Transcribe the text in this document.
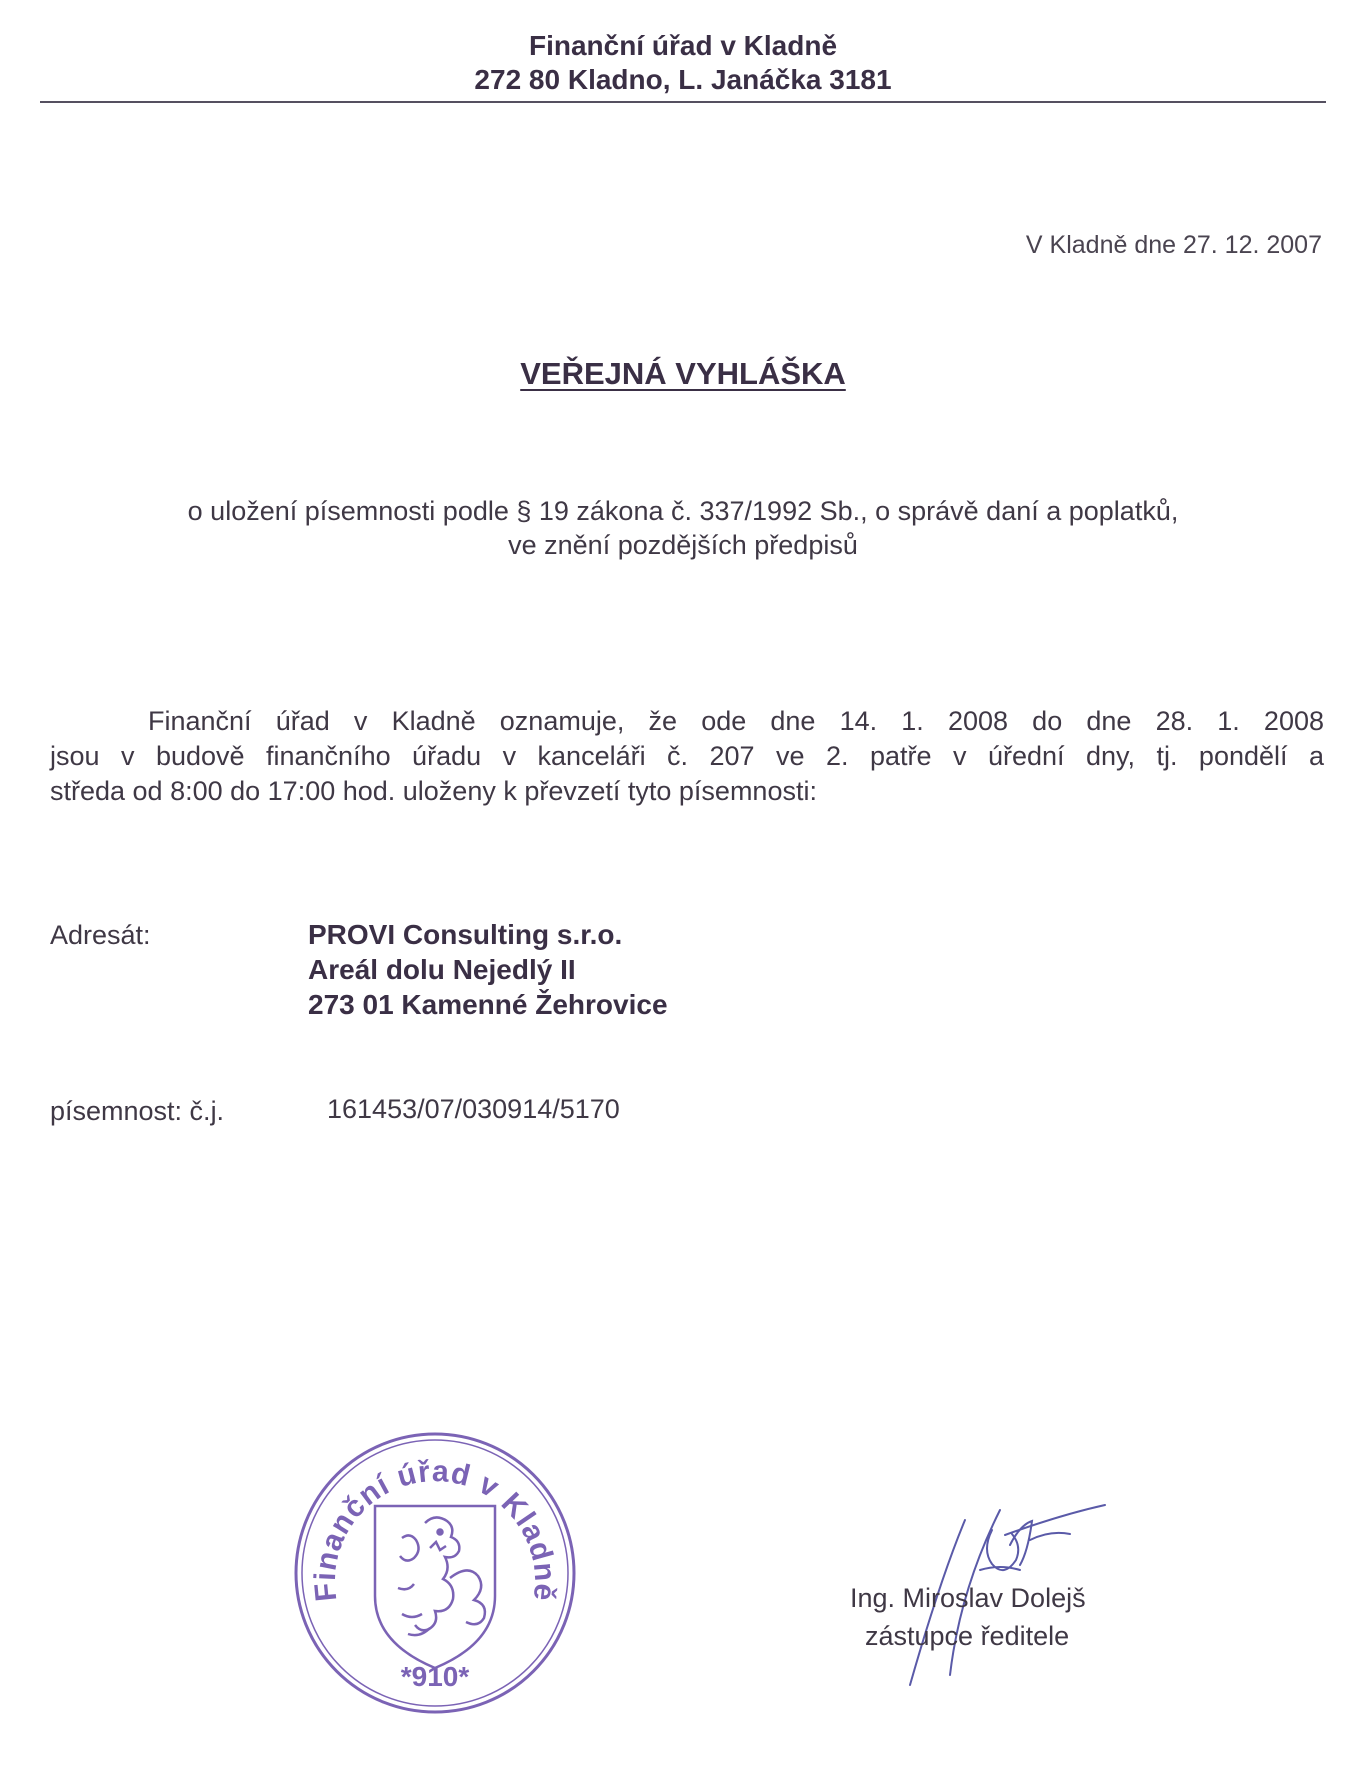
Finanční úřad v Kladně
272 80 Kladno, L. Janáčka 3181
V Kladně dne 27. 12. 2007
VEŘEJNÁ VYHLÁŠKA
o uložení písemnosti podle § 19 zákona č. 337/1992 Sb., o správě daní a poplatků,
ve znění pozdějších předpisů
Finanční úřad v Kladně oznamuje, že ode dne 14. 1. 2008 do dne 28. 1. 2008
jsou v budově finančního úřadu v kanceláři č. 207 ve 2. patře v úřední dny, tj. pondělí a
středa od 8:00 do 17:00 hod. uloženy k převzetí tyto písemnosti:
Adresát:	PROVI Consulting s.r.o.
Areál dolu Nejedlý II
273 01 Kamenné Žehrovice
písemnost: č.j.	161453/07/030914/5170
Finanční úřad v Kladně
*910*
Ing. Miroslav Dolejš
zástupce ředitele
